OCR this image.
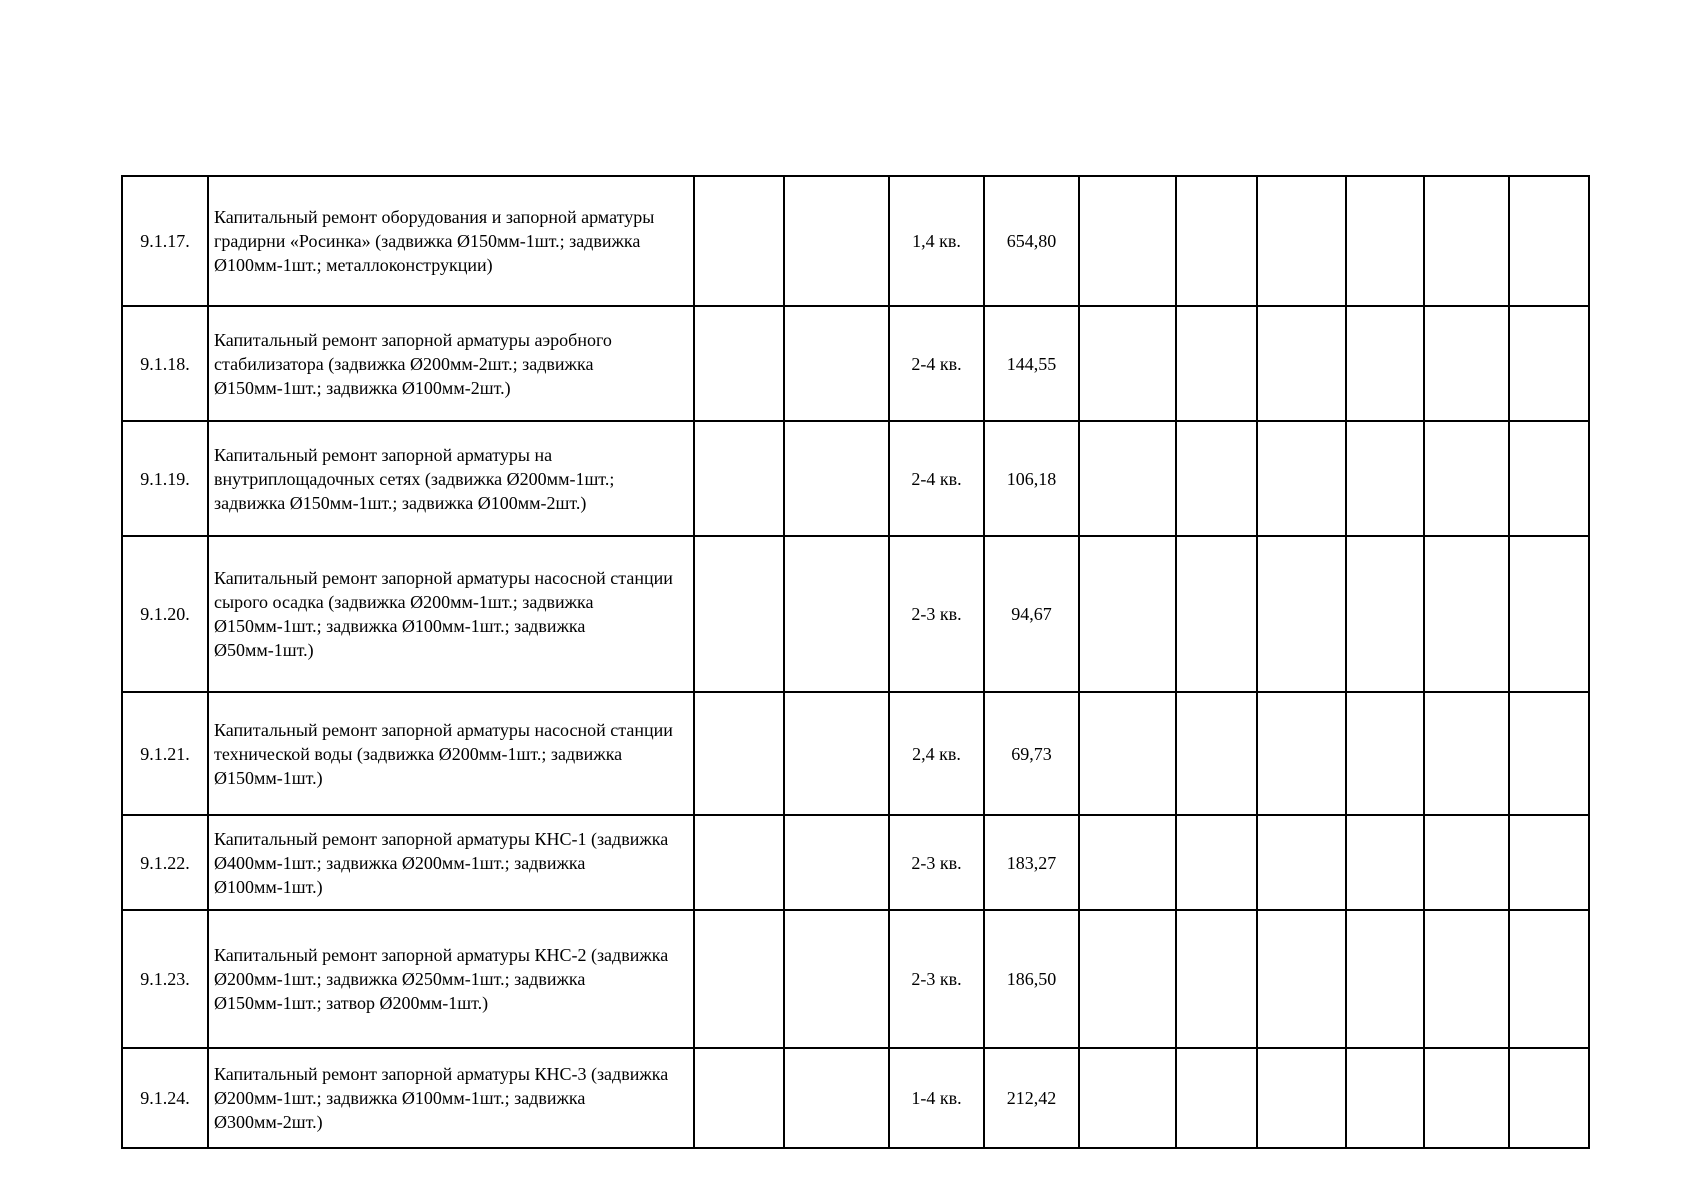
9.1.17.	Капитальный ремонт оборудования и запорной арматуры градирни «Росинка» (задвижка Ø150мм-1шт.; задвижка Ø100мм-1шт.; металлоконструкции)			1,4 кв.	654,80						
9.1.18.	Капитальный ремонт запорной арматуры аэробного стабилизатора (задвижка Ø200мм-2шт.; задвижка Ø150мм-1шт.; задвижка Ø100мм-2шт.)			2-4 кв.	144,55						
9.1.19.	Капитальный ремонт запорной арматуры на внутриплощадочных сетях (задвижка Ø200мм-1шт.; задвижка Ø150мм-1шт.; задвижка Ø100мм-2шт.)			2-4 кв.	106,18						
9.1.20.	Капитальный ремонт запорной арматуры насосной станции сырого осадка (задвижка Ø200мм-1шт.; задвижка Ø150мм-1шт.; задвижка Ø100мм-1шт.; задвижка Ø50мм-1шт.)			2-3 кв.	94,67						
9.1.21.	Капитальный ремонт запорной арматуры насосной станции технической воды (задвижка Ø200мм-1шт.; задвижка Ø150мм-1шт.)			2,4 кв.	69,73						
9.1.22.	Капитальный ремонт запорной арматуры КНС-1 (задвижка Ø400мм-1шт.; задвижка Ø200мм-1шт.; задвижка Ø100мм-1шт.)			2-3 кв.	183,27						
9.1.23.	Капитальный ремонт запорной арматуры КНС-2 (задвижка Ø200мм-1шт.; задвижка Ø250мм-1шт.; задвижка Ø150мм-1шт.; затвор Ø200мм-1шт.)			2-3 кв.	186,50						
9.1.24.	Капитальный ремонт запорной арматуры КНС-3 (задвижка Ø200мм-1шт.; задвижка Ø100мм-1шт.; задвижка Ø300мм-2шт.)			1-4 кв.	212,42						
